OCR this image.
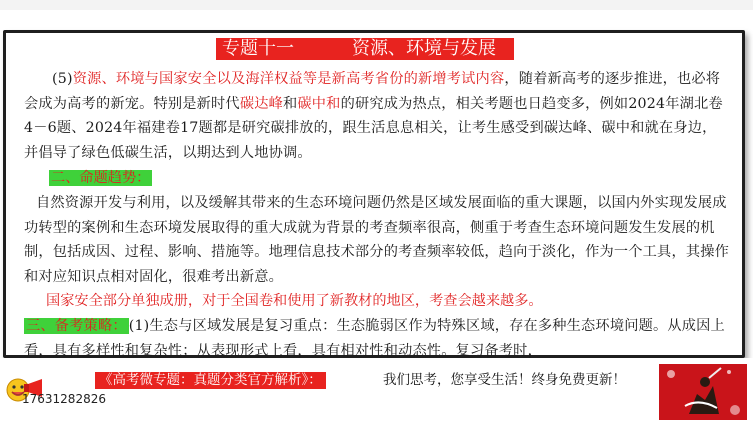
专题十一	资源、环境与发展
(5)资源、环境与国家安全以及海洋权益等是新高考省份的新增考试内容，随着新高考的逐步推进，也必将会成为高考的新宠。特别是新时代碳达峰和碳中和的研究成为热点，相关考题也日趋变多，例如2024年湖北卷4－6题、2024年福建卷17题都是研究碳排放的，跟生活息息相关，让考生感受到碳达峰、碳中和就在身边，并倡导了绿色低碳生活，以期达到人地协调。
二、命题趋势：
自然资源开发与利用，以及缓解其带来的生态环境问题仍然是区域发展面临的重大课题，以国内外实现发展成功转型的案例和生态环境发展取得的重大成就为背景的考查频率很高，侧重于考查生态环境问题发生发展的机制，包括成因、过程、影响、措施等。地理信息技术部分的考查频率较低，趋向于淡化，作为一个工具，其操作和对应知识点相对固化，很难考出新意。
国家安全部分单独成册，对于全国卷和使用了新教材的地区，考查会越来越多。
三、备考策略： (1)生态与区域发展是复习重点：生态脆弱区作为特殊区域，存在多种生态环境问题。从成因上看，具有多样性和复杂性；从表现形式上看，具有相对性和动态性。复习备考时，
《高考微专题：真题分类官方解析》：	我们思考，您享受生活！终身免费更新！
17631282826
